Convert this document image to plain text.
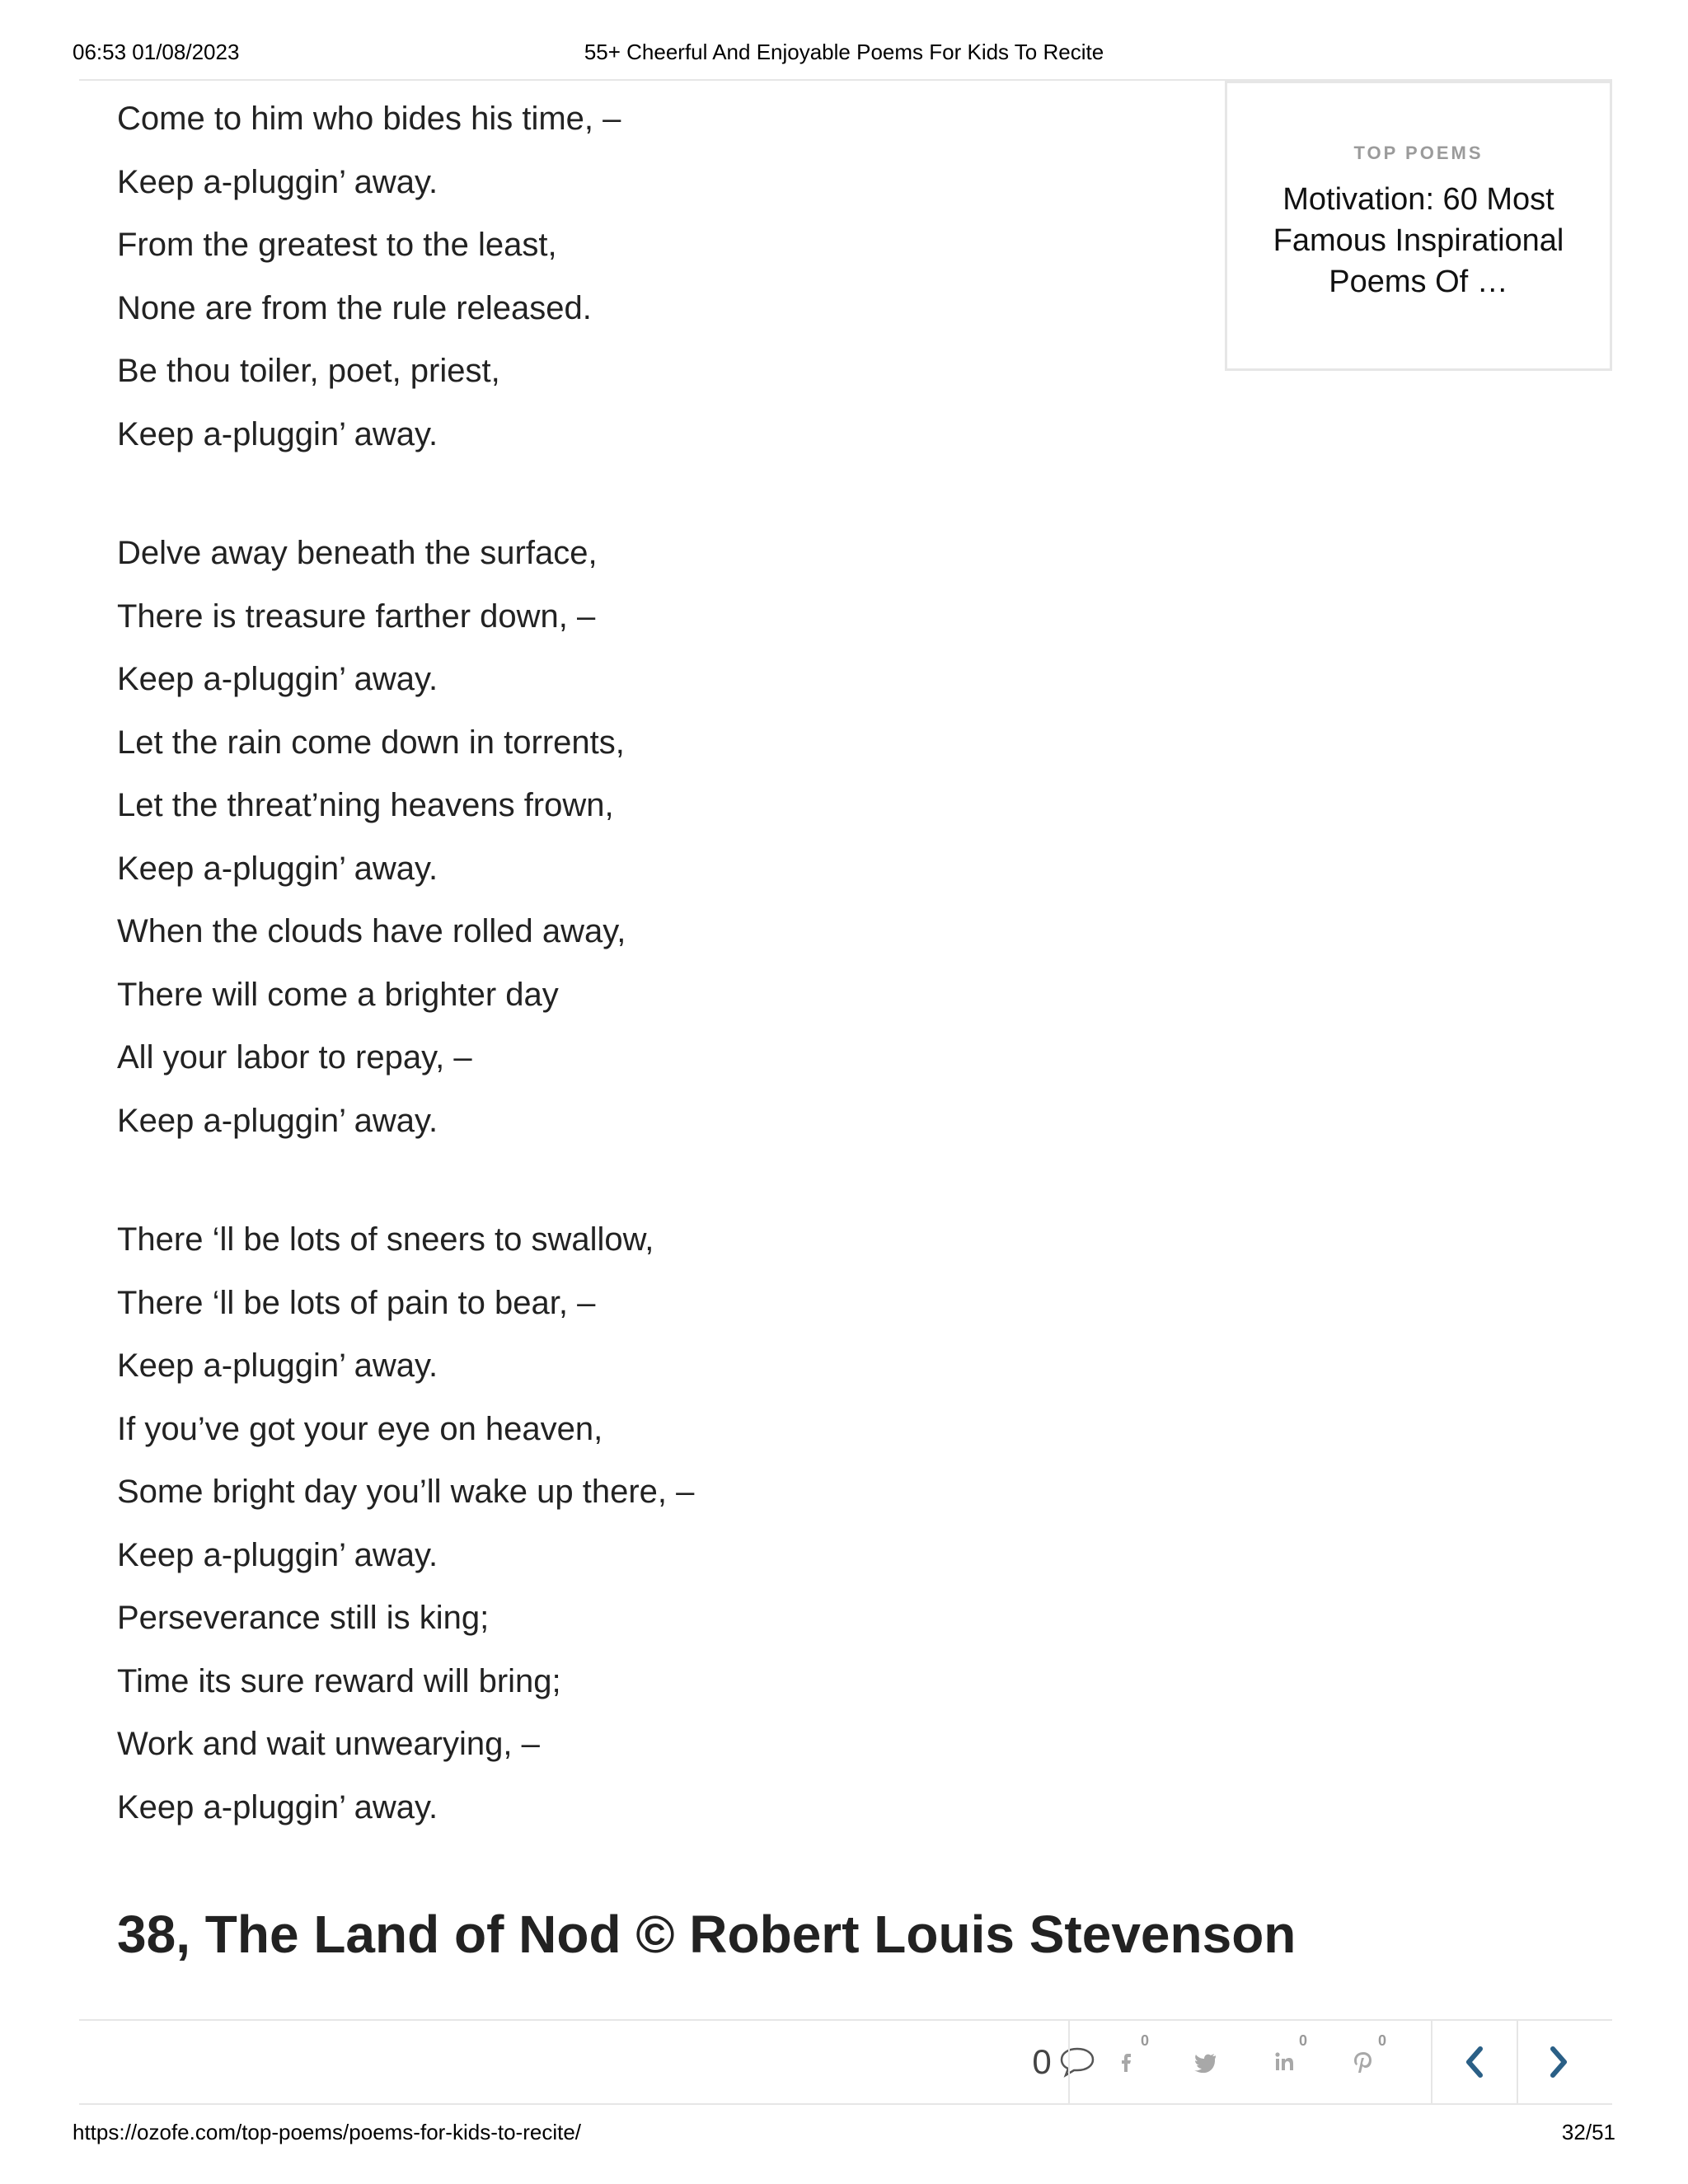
06:53 01/08/2023	55+ Cheerful And Enjoyable Poems For Kids To Recite
Come to him who bides his time, –
Keep a-pluggin’ away.
From the greatest to the least,
None are from the rule released.
Be thou toiler, poet, priest,
Keep a-pluggin’ away.
Delve away beneath the surface,
There is treasure farther down, –
Keep a-pluggin’ away.
Let the rain come down in torrents,
Let the threat’ning heavens frown,
Keep a-pluggin’ away.
When the clouds have rolled away,
There will come a brighter day
All your labor to repay, –
Keep a-pluggin’ away.
There ‘ll be lots of sneers to swallow,
There ‘ll be lots of pain to bear, –
Keep a-pluggin’ away.
If you’ve got your eye on heaven,
Some bright day you’ll wake up there, –
Keep a-pluggin’ away.
Perseverance still is king;
Time its sure reward will bring;
Work and wait unwearying, –
Keep a-pluggin’ away.
TOP POEMS
Motivation: 60 Most Famous Inspirational Poems Of …
38, The Land of Nod © Robert Louis Stevenson
0
0	0	0
https://ozofe.com/top-poems/poems-for-kids-to-recite/	32/51
